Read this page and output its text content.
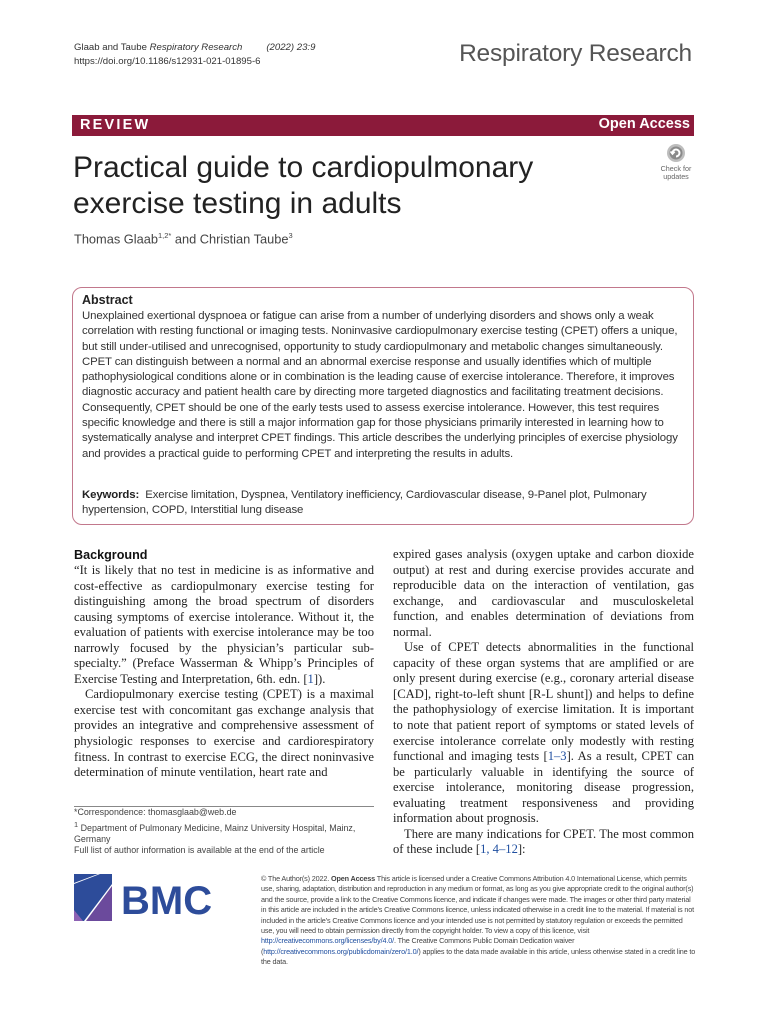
Glaab and Taube Respiratory Research	(2022) 23:9
https://doi.org/10.1186/s12931-021-01895-6	Respiratory Research
REVIEW	Open Access
Practical guide to cardiopulmonary exercise testing in adults
Check for
updates
Thomas Glaab$^{1,2*}$ and Christian Taube$^3$
Abstract
Unexplained exertional dyspnoea or fatigue can arise from a number of underlying disorders and shows only a weak correlation with resting functional or imaging tests. Noninvasive cardiopulmonary exercise testing (CPET) offers a unique, but still under-utilised and unrecognised, opportunity to study cardiopulmonary and metabolic changes simultaneously. CPET can distinguish between a normal and an abnormal exercise response and usually identifies which of multiple pathophysiological conditions alone or in combination is the leading cause of exercise intolerance. Therefore, it improves diagnostic accuracy and patient health care by directing more targeted diagnostics and facilitating treatment decisions. Consequently, CPET should be one of the early tests used to assess exercise intolerance. However, this test requires specific knowledge and there is still a major information gap for those physicians primarily interested in learning how to systematically analyse and interpret CPET findings. This article describes the underlying principles of exercise physiology and provides a practical guide to performing CPET and interpreting the results in adults.
Keywords: Exercise limitation, Dyspnea, Ventilatory inefficiency, Cardiovascular disease, 9-Panel plot, Pulmonary hypertension, COPD, Interstitial lung disease
Background

“It is likely that no test in medicine is as informative and cost-effective as cardiopulmonary exercise testing for distinguishing among the broad spectrum of disorders causing symptoms of exercise intolerance. Without it, the evaluation of patients with exercise intolerance may be too narrowly focused by the physician’s particular sub-specialty.” (Preface Wasserman & Whipp’s Principles of Exercise Testing and Interpretation, 6th. edn. [1]).

Cardiopulmonary exercise testing (CPET) is a maximal exercise test with concomitant gas exchange analysis that provides an integrative and comprehensive assessment of physiologic responses to exercise and cardiorespiratory fitness. In contrast to exercise ECG, the direct noninvasive determination of minute ventilation, heart rate and

expired gases analysis (oxygen uptake and carbon dioxide output) at rest and during exercise provides accurate and reproducible data on the interaction of ventilation, gas exchange, and cardiovascular and musculoskeletal function, and enables determination of deviations from normal.

Use of CPET detects abnormalities in the functional capacity of these organ systems that are amplified or are only present during exercise (e.g., coronary arterial disease [CAD], right-to-left shunt [R-L shunt]) and helps to define the pathophysiology of exercise limitation. It is important to note that patient report of symptoms or stated levels of exercise intolerance correlate only modestly with resting functional and imaging tests [1–3]. As a result, CPET can be particularly valuable in identifying the source of exercise intolerance, monitoring disease progression, evaluating treatment responsiveness and providing information about prognosis.

There are many indications for CPET. The most common of these include [1, 4–12]:

*Correspondence: thomasglaab@web.de
$^1$ Department of Pulmonary Medicine, Mainz University Hospital, Mainz, Germany
Full list of author information is available at the end of the article
BMC
© The Author(s) 2022. Open Access This article is licensed under a Creative Commons Attribution 4.0 International License, which permits use, sharing, adaptation, distribution and reproduction in any medium or format, as long as you give appropriate credit to the original author(s) and the source, provide a link to the Creative Commons licence, and indicate if changes were made. The images or other third party material in this article are included in the article’s Creative Commons licence, unless indicated otherwise in a credit line to the material. If material is not included in the article’s Creative Commons licence and your intended use is not permitted by statutory regulation or exceeds the permitted use, you will need to obtain permission directly from the copyright holder. To view a copy of this licence, visit http://creativecommons.org/licenses/by/4.0/. The Creative Commons Public Domain Dedication waiver (http://creativecommons.org/publicdomain/zero/1.0/) applies to the data made available in this article, unless otherwise stated in a credit line to the data.
